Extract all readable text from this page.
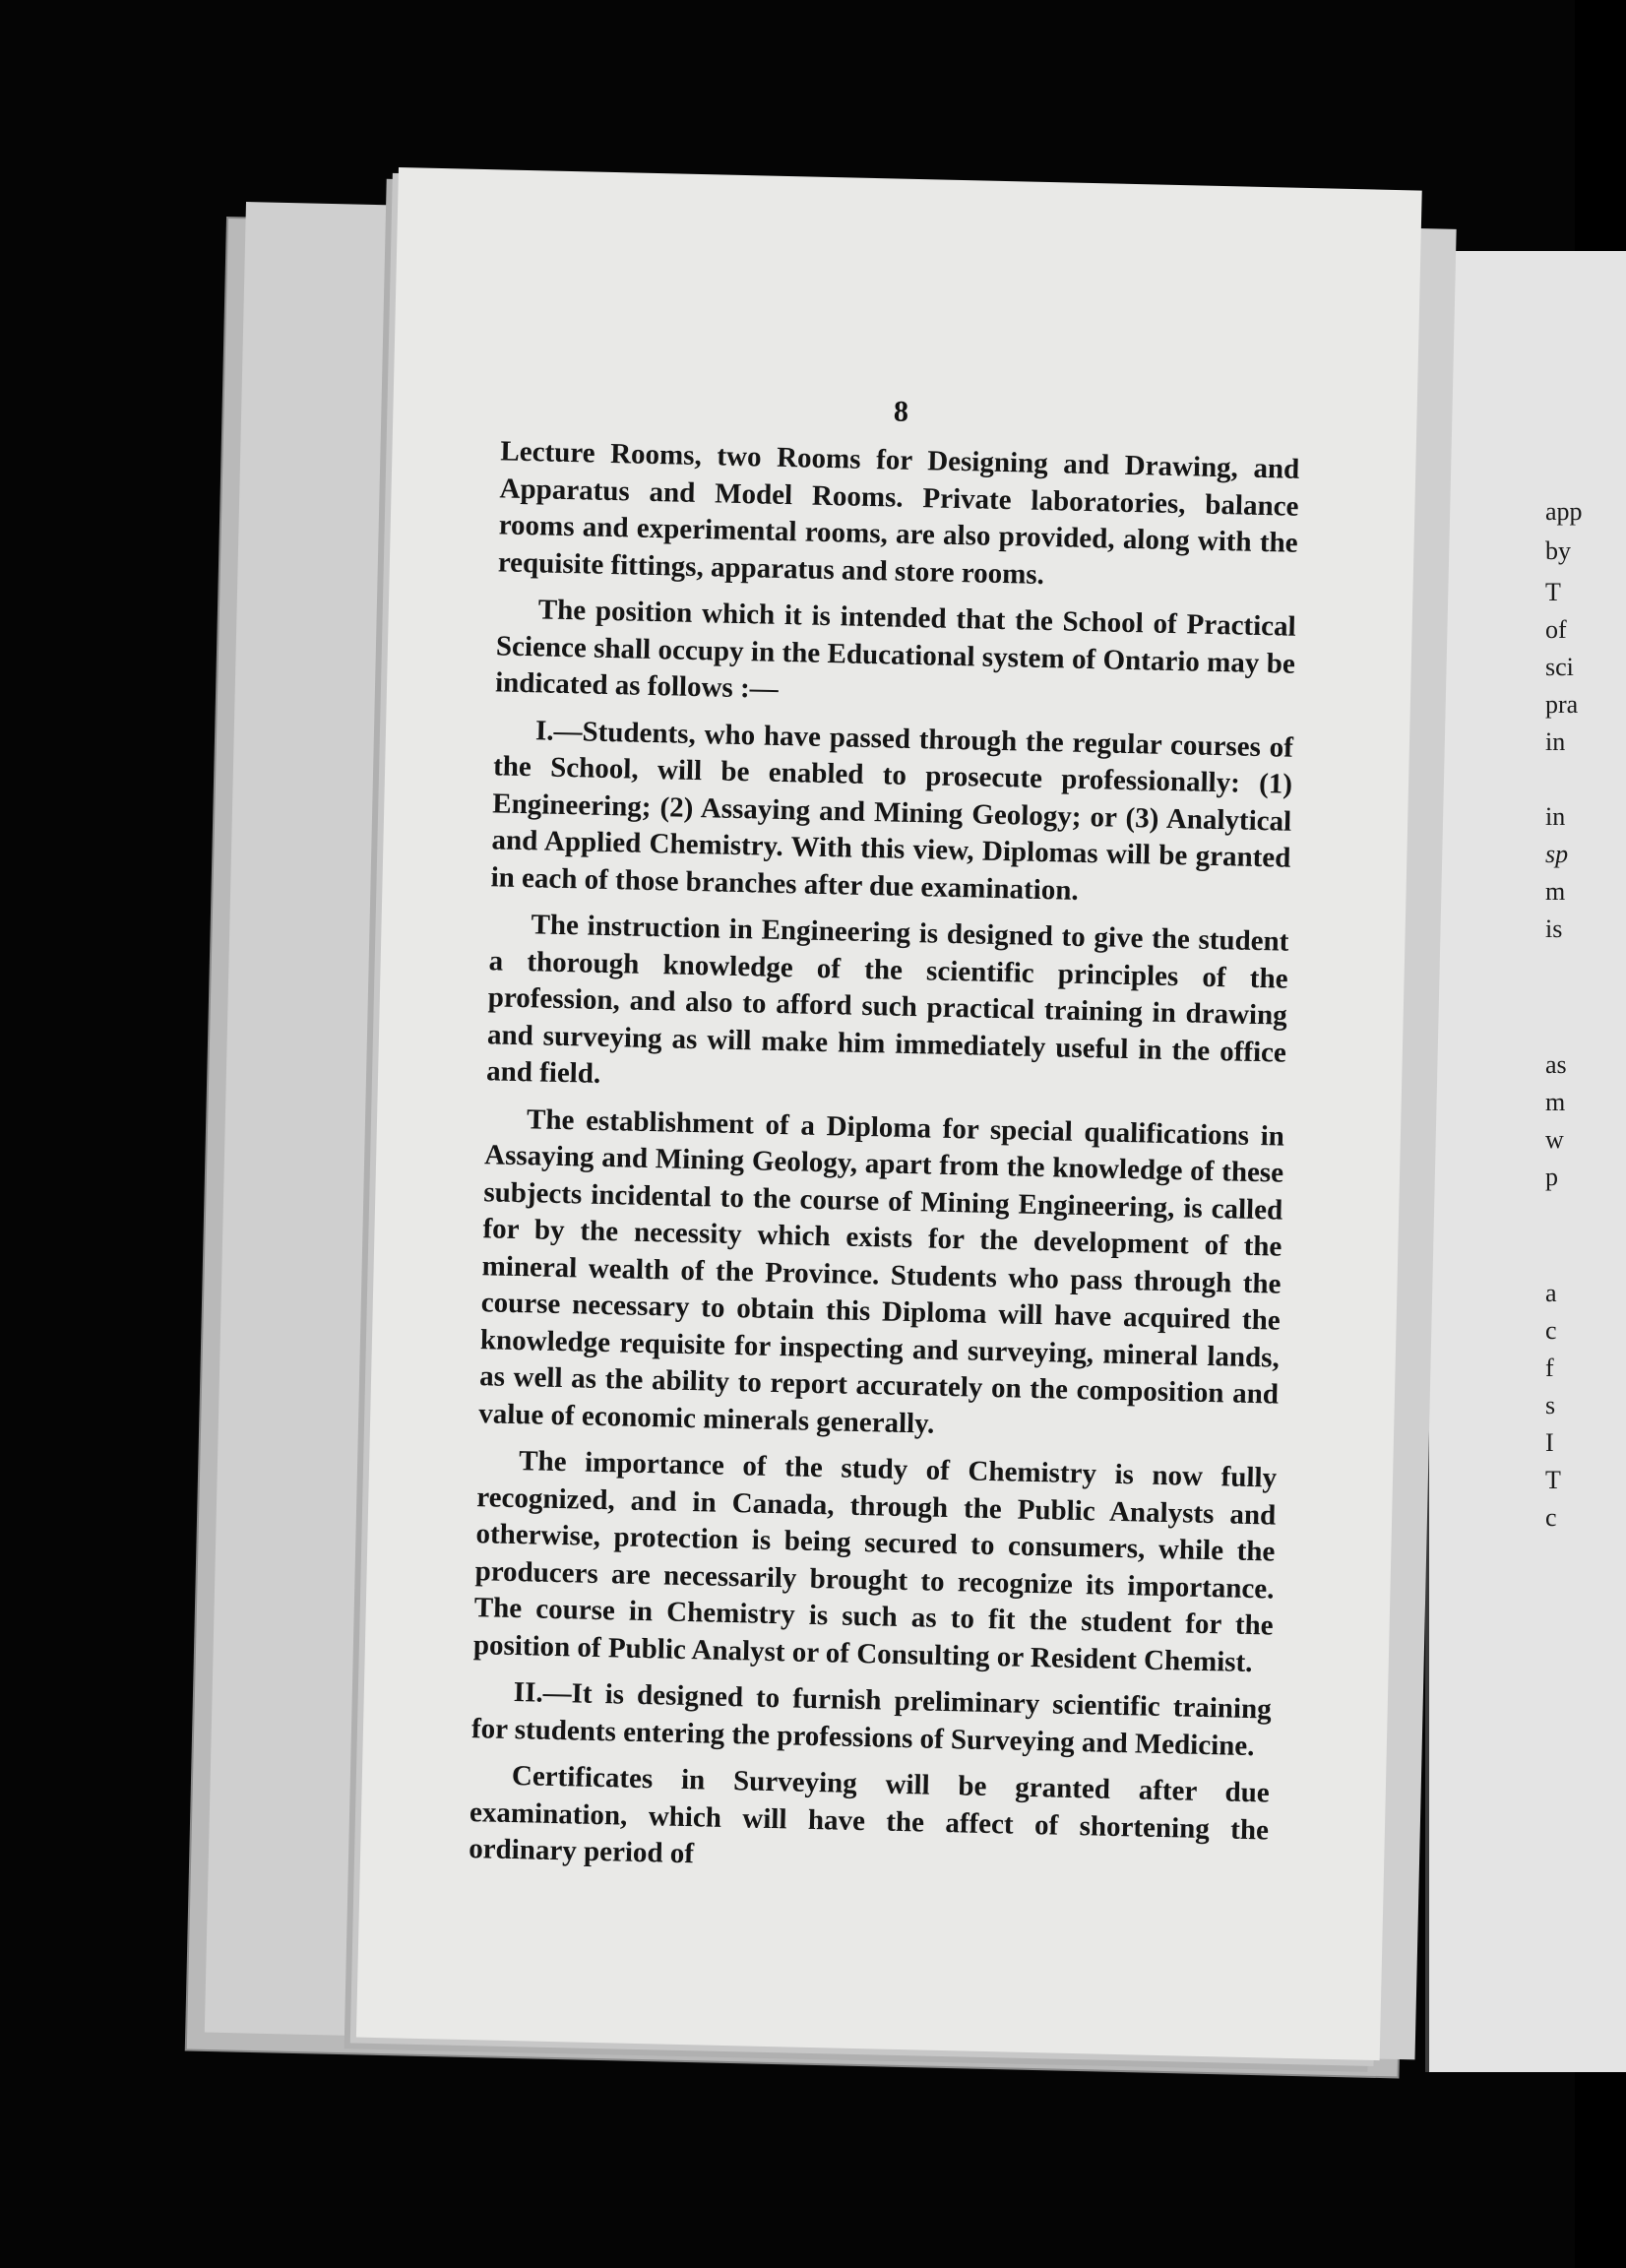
app
by
T
of
sci
pra
in
in
sp
m
is
as
m
w
p
a
c
f
s
I
T
c
8

Lecture Rooms, two Rooms for Designing and Drawing, and Apparatus and Model Rooms. Private laboratories, balance rooms and experimental rooms, are also provided, along with the requisite fittings, apparatus and store rooms.

The position which it is intended that the School of Practical Science shall occupy in the Educational system of Ontario may be indicated as follows :—

I.—Students, who have passed through the regular courses of the School, will be enabled to prosecute professionally: (1) Engineering; (2) Assaying and Mining Geology; or (3) Analytical and Applied Chemistry. With this view, Diplomas will be granted in each of those branches after due examination.

The instruction in Engineering is designed to give the student a thorough knowledge of the scientific principles of the profession, and also to afford such practical training in drawing and surveying as will make him immediately useful in the office and field.

The establishment of a Diploma for special qualifications in Assaying and Mining Geology, apart from the knowledge of these subjects incidental to the course of Mining Engineering, is called for by the necessity which exists for the development of the mineral wealth of the Province. Students who pass through the course necessary to obtain this Diploma will have acquired the knowledge requisite for inspecting and surveying, mineral lands, as well as the ability to report accurately on the composition and value of economic minerals generally.

The importance of the study of Chemistry is now fully recognized, and in Canada, through the Public Analysts and otherwise, protection is being secured to consumers, while the producers are necessarily brought to recognize its importance. The course in Chemistry is such as to fit the student for the position of Public Analyst or of Consulting or Resident Chemist.

II.—It is designed to furnish preliminary scientific training for students entering the professions of Surveying and Medicine.

Certificates in Surveying will be granted after due examination, which will have the affect of shortening the ordinary period of
